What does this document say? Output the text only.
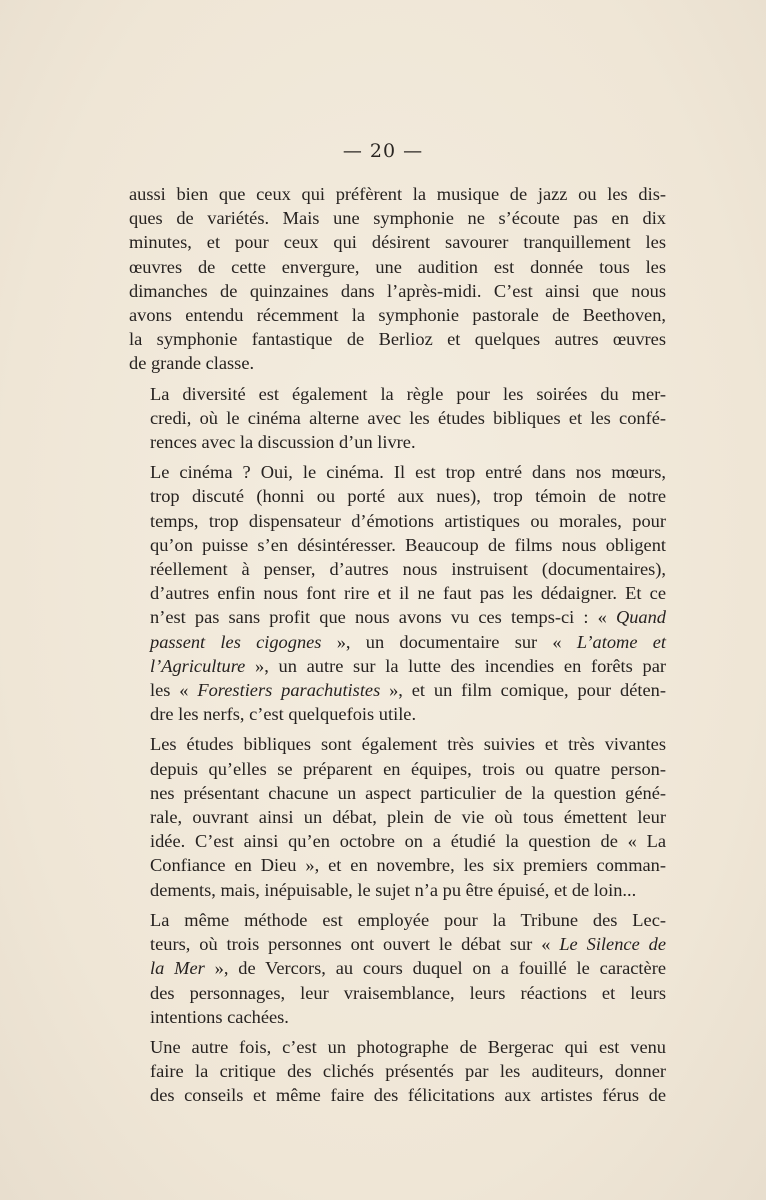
— 20 —

aussi bien que ceux qui préfèrent la musique de jazz ou les dis-
ques de variétés. Mais une symphonie ne s’écoute pas en dix
minutes, et pour ceux qui désirent savourer tranquillement les
œuvres de cette envergure, une audition est donnée tous les
dimanches de quinzaines dans l’après-midi. C’est ainsi que nous
avons entendu récemment la symphonie pastorale de Beethoven,
la symphonie fantastique de Berlioz et quelques autres œuvres
de grande classe.

La diversité est également la règle pour les soirées du mer-
credi, où le cinéma alterne avec les études bibliques et les confé-
rences avec la discussion d’un livre.

Le cinéma ? Oui, le cinéma. Il est trop entré dans nos mœurs,
trop discuté (honni ou porté aux nues), trop témoin de notre
temps, trop dispensateur d’émotions artistiques ou morales, pour
qu’on puisse s’en désintéresser. Beaucoup de films nous obligent
réellement à penser, d’autres nous instruisent (documentaires),
d’autres enfin nous font rire et il ne faut pas les dédaigner. Et ce
n’est pas sans profit que nous avons vu ces temps-ci : « Quand
passent les cigognes », un documentaire sur « L’atome et
l’Agriculture », un autre sur la lutte des incendies en forêts par
les « Forestiers parachutistes », et un film comique, pour déten-
dre les nerfs, c’est quelquefois utile.

Les études bibliques sont également très suivies et très vivantes
depuis qu’elles se préparent en équipes, trois ou quatre person-
nes présentant chacune un aspect particulier de la question géné-
rale, ouvrant ainsi un débat, plein de vie où tous émettent leur
idée. C’est ainsi qu’en octobre on a étudié la question de « La
Confiance en Dieu », et en novembre, les six premiers comman-
dements, mais, inépuisable, le sujet n’a pu être épuisé, et de loin...

La même méthode est employée pour la Tribune des Lec-
teurs, où trois personnes ont ouvert le débat sur « Le Silence de
la Mer », de Vercors, au cours duquel on a fouillé le caractère
des personnages, leur vraisemblance, leurs réactions et leurs
intentions cachées.

Une autre fois, c’est un photographe de Bergerac qui est venu
faire la critique des clichés présentés par les auditeurs, donner
des conseils et même faire des félicitations aux artistes férus de
